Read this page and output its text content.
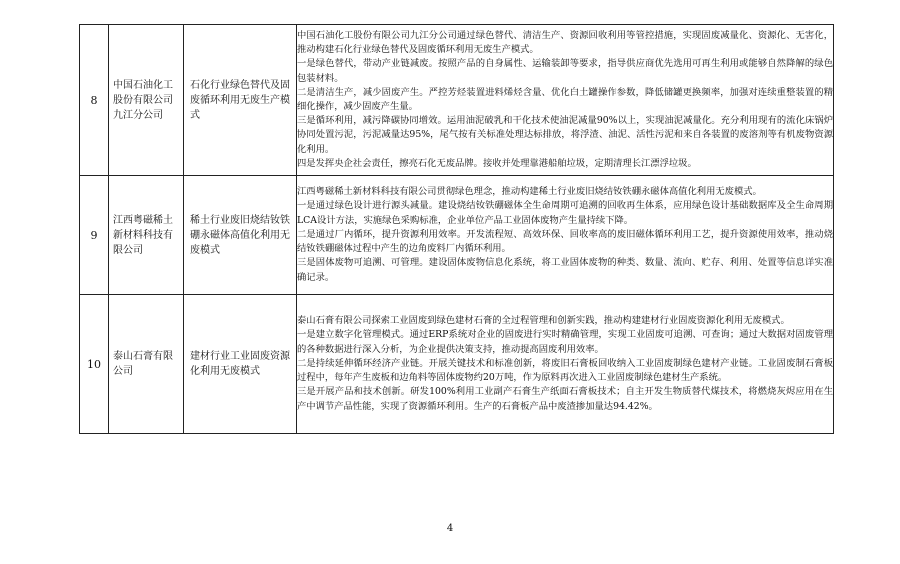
8	中国石油化工股份有限公司九江分公司	石化行业绿色替代及固废循环利用无废生产模式	中国石油化工股份有限公司九江分公司通过绿色替代、清洁生产、资源回收利用等管控措施，实现固废减量化、资源化、无害化，推动构建石化行业绿色替代及固废循环利用无废生产模式。

一是绿色替代，带动产业链减废。按照产品的自身属性、运输装卸等要求，指导供应商优先选用可再生利用或能够自然降解的绿色包装材料。

二是清洁生产，减少固废产生。严控芳烃装置进料烯烃含量、优化白土罐操作参数，降低储罐更换频率，加强对连续重整装置的精细化操作，减少固废产生量。

三是循环利用，减污降碳协同增效。运用油泥破乳和干化技术使油泥减量90%以上，实现油泥减量化。充分利用现有的流化床锅炉协同处置污泥，污泥减量达95%，尾气按有关标准处理达标排放，将浮渣、油泥、活性污泥和来自各装置的废溶剂等有机废物资源化利用。

四是发挥央企社会责任，擦亮石化无废品牌。接收并处理靠港船舶垃圾，定期清理长江漂浮垃圾。

9	江西粤磁稀土新材料科技有限公司	稀土行业废旧烧结钕铁硼永磁体高值化利用无废模式	江西粤磁稀土新材料科技有限公司贯彻绿色理念，推动构建稀土行业废旧烧结钕铁硼永磁体高值化利用无废模式。

一是通过绿色设计进行源头减量。建设烧结钕铁硼磁体全生命周期可追溯的回收再生体系，应用绿色设计基础数据库及全生命周期LCA设计方法，实施绿色采购标准，企业单位产品工业固体废物产生量持续下降。

二是通过厂内循环，提升资源利用效率。开发流程短、高效环保、回收率高的废旧磁体循环利用工艺，提升资源使用效率，推动烧结钕铁硼磁体过程中产生的边角废料厂内循环利用。

三是固体废物可追溯、可管理。建设固体废物信息化系统，将工业固体废物的种类、数量、流向、贮存、利用、处置等信息详实准确记录。

10	泰山石膏有限公司	建材行业工业固废资源化利用无废模式	泰山石膏有限公司探索工业固废到绿色建材石膏的全过程管理和创新实践，推动构建建材行业固废资源化利用无废模式。

一是建立数字化管理模式。通过ERP系统对企业的固废进行实时精确管理，实现工业固废可追溯、可查询；通过大数据对固废管理的各种数据进行深入分析，为企业提供决策支持，推动提高固废利用效率。

二是持续延伸循环经济产业链。开展关键技术和标准创新，将废旧石膏板回收纳入工业固废制绿色建材产业链。工业固废制石膏板过程中，每年产生废板和边角料等固体废物约20万吨，作为原料再次进入工业固废制绿色建材生产系统。

三是开展产品和技术创新。研发100%利用工业副产石膏生产纸面石膏板技术；自主开发生物质替代煤技术，将燃烧灰烬应用在生产中调节产品性能，实现了资源循环利用。生产的石膏板产品中废渣掺加量达94.42%。

4
